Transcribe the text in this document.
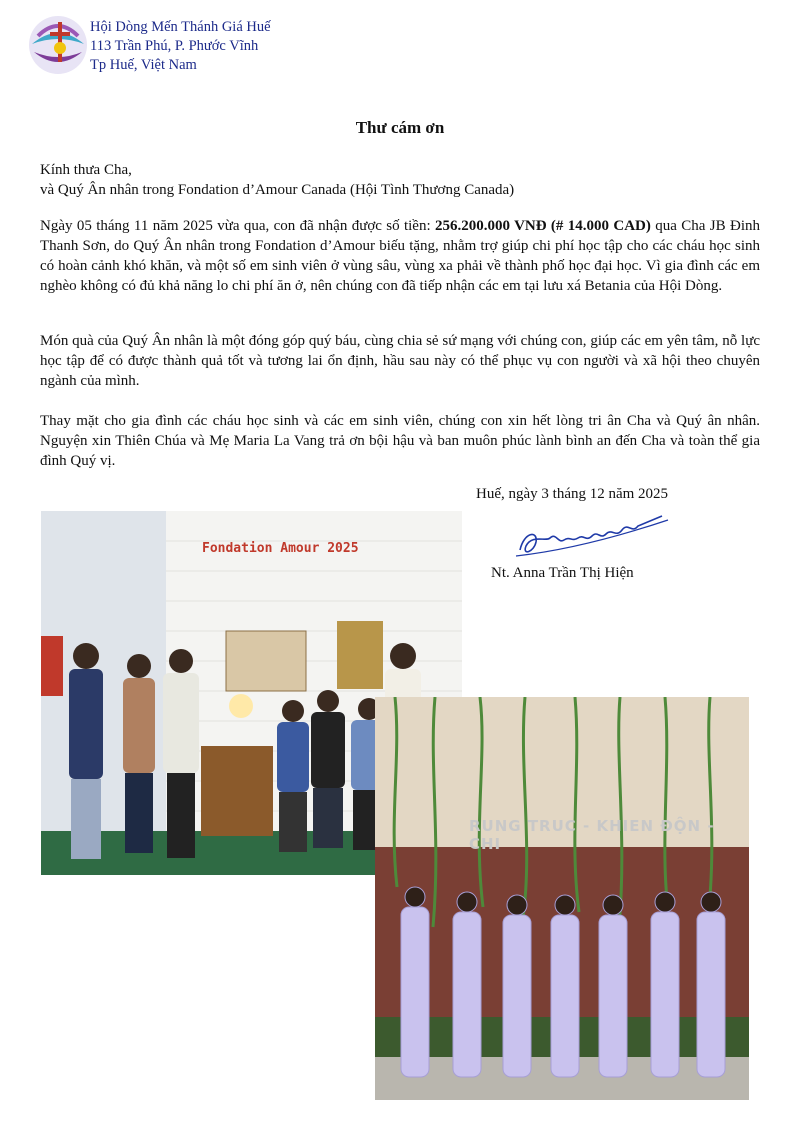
Hội Dòng Mến Thánh Giá Huế
113 Trần Phú, P. Phước Vĩnh
Tp Huế, Việt Nam
Thư cám ơn
Kính thưa Cha,
và Quý Ân nhân trong Fondation d’Amour Canada (Hội Tình Thương Canada)
Ngày 05 tháng 11 năm 2025 vừa qua, con đã nhận được số tiền: 256.200.000 VNĐ (# 14.000 CAD) qua Cha JB Đinh Thanh Sơn, do Quý Ân nhân trong Fondation d’Amour biếu tặng, nhằm trợ giúp chi phí học tập cho các cháu học sinh có hoàn cảnh khó khăn, và một số em sinh viên ở vùng sâu, vùng xa phải về thành phố học đại học. Vì gia đình các em nghèo không có đủ khả năng lo chi phí ăn ở, nên chúng con đã tiếp nhận các em tại lưu xá Betania của Hội Dòng.
Món quà của Quý Ân nhân là một đóng góp quý báu, cùng chia sẻ sứ mạng với chúng con, giúp các em yên tâm, nỗ lực học tập để có được thành quả tốt và tương lai ổn định, hầu sau này có thể phục vụ con người và xã hội theo chuyên ngành của mình.
Thay mặt cho gia đình các cháu học sinh và các em sinh viên, chúng con xin hết lòng tri ân Cha và Quý ân nhân. Nguyện xin Thiên Chúa và Mẹ Maria La Vang trả ơn bội hậu và ban muôn phúc lành bình an đến Cha và toàn thể gia đình Quý vị.
Huế, ngày 3 tháng 12 năm 2025
Nt. Anna Trần Thị Hiện
Fondation Amour 2025
RUNG TRUC - KHIEN ĐỘN - CHI
